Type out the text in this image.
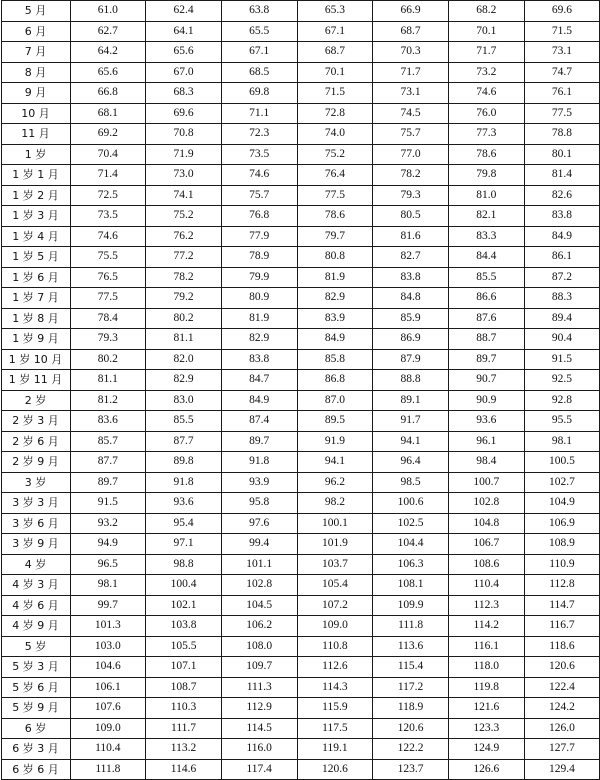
5 月	61.0	62.4	63.8	65.3	66.9	68.2	69.6
6 月	62.7	64.1	65.5	67.1	68.7	70.1	71.5
7 月	64.2	65.6	67.1	68.7	70.3	71.7	73.1
8 月	65.6	67.0	68.5	70.1	71.7	73.2	74.7
9 月	66.8	68.3	69.8	71.5	73.1	74.6	76.1
10 月	68.1	69.6	71.1	72.8	74.5	76.0	77.5
11 月	69.2	70.8	72.3	74.0	75.7	77.3	78.8
1 岁	70.4	71.9	73.5	75.2	77.0	78.6	80.1
1 岁 1 月	71.4	73.0	74.6	76.4	78.2	79.8	81.4
1 岁 2 月	72.5	74.1	75.7	77.5	79.3	81.0	82.6
1 岁 3 月	73.5	75.2	76.8	78.6	80.5	82.1	83.8
1 岁 4 月	74.6	76.2	77.9	79.7	81.6	83.3	84.9
1 岁 5 月	75.5	77.2	78.9	80.8	82.7	84.4	86.1
1 岁 6 月	76.5	78.2	79.9	81.9	83.8	85.5	87.2
1 岁 7 月	77.5	79.2	80.9	82.9	84.8	86.6	88.3
1 岁 8 月	78.4	80.2	81.9	83.9	85.9	87.6	89.4
1 岁 9 月	79.3	81.1	82.9	84.9	86.9	88.7	90.4
1 岁 10 月	80.2	82.0	83.8	85.8	87.9	89.7	91.5
1 岁 11 月	81.1	82.9	84.7	86.8	88.8	90.7	92.5
2 岁	81.2	83.0	84.9	87.0	89.1	90.9	92.8
2 岁 3 月	83.6	85.5	87.4	89.5	91.7	93.6	95.5
2 岁 6 月	85.7	87.7	89.7	91.9	94.1	96.1	98.1
2 岁 9 月	87.7	89.8	91.8	94.1	96.4	98.4	100.5
3 岁	89.7	91.8	93.9	96.2	98.5	100.7	102.7
3 岁 3 月	91.5	93.6	95.8	98.2	100.6	102.8	104.9
3 岁 6 月	93.2	95.4	97.6	100.1	102.5	104.8	106.9
3 岁 9 月	94.9	97.1	99.4	101.9	104.4	106.7	108.9
4 岁	96.5	98.8	101.1	103.7	106.3	108.6	110.9
4 岁 3 月	98.1	100.4	102.8	105.4	108.1	110.4	112.8
4 岁 6 月	99.7	102.1	104.5	107.2	109.9	112.3	114.7
4 岁 9 月	101.3	103.8	106.2	109.0	111.8	114.2	116.7
5 岁	103.0	105.5	108.0	110.8	113.6	116.1	118.6
5 岁 3 月	104.6	107.1	109.7	112.6	115.4	118.0	120.6
5 岁 6 月	106.1	108.7	111.3	114.3	117.2	119.8	122.4
5 岁 9 月	107.6	110.3	112.9	115.9	118.9	121.6	124.2
6 岁	109.0	111.7	114.5	117.5	120.6	123.3	126.0
6 岁 3 月	110.4	113.2	116.0	119.1	122.2	124.9	127.7
6 岁 6 月	111.8	114.6	117.4	120.6	123.7	126.6	129.4
